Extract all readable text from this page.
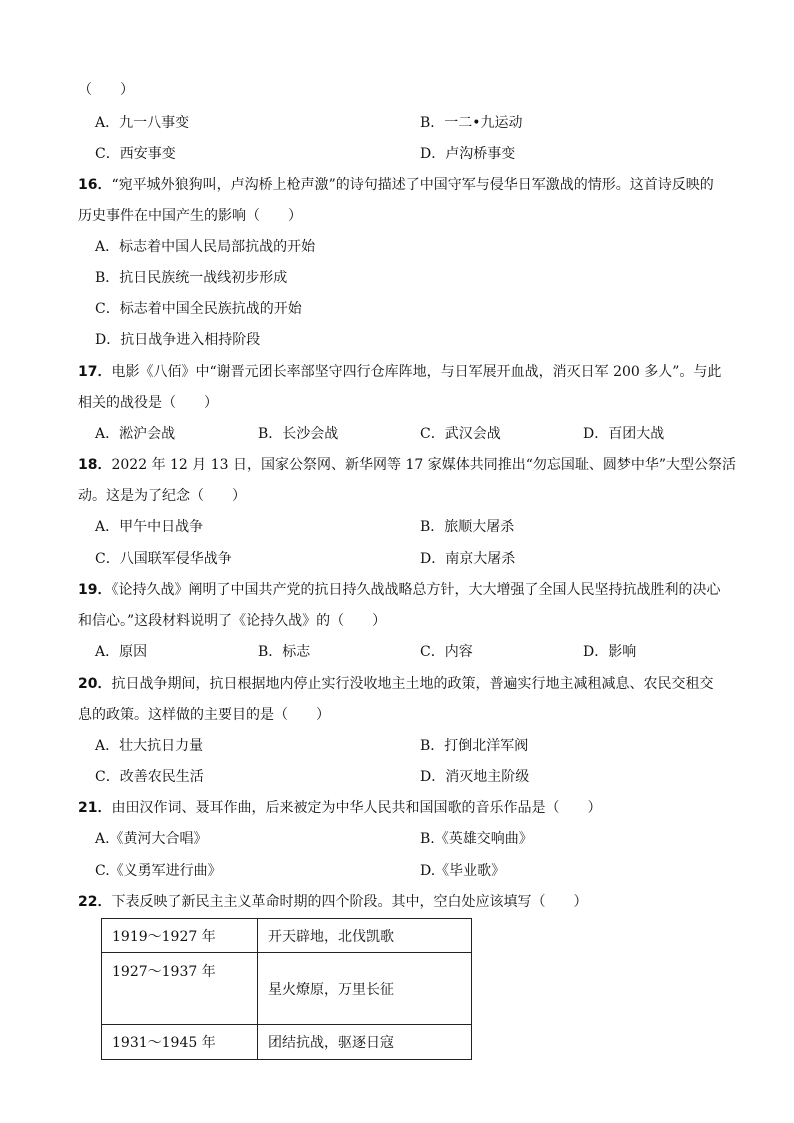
（　　）
A．九一八事变	B．一二•九运动
C．西安事变	D．卢沟桥事变
16．“宛平城外狼狗叫，卢沟桥上枪声激”的诗句描述了中国守军与侵华日军激战的情形。这首诗反映的
历史事件在中国产生的影响（　　）
A．标志着中国人民局部抗战的开始
B．抗日民族统一战线初步形成
C．标志着中国全民族抗战的开始
D．抗日战争进入相持阶段
17．电影《八佰》中“谢晋元团长率部坚守四行仓库阵地，与日军展开血战，消灭日军 200 多人”。与此
相关的战役是（　　）
A．淞沪会战	B．长沙会战	C．武汉会战	D．百团大战
18．2022 年 12 月 13 日，国家公祭网、新华网等 17 家媒体共同推出“勿忘国耻、圆梦中华”大型公祭活
动。这是为了纪念（　　）
A．甲午中日战争	B．旅顺大屠杀
C．八国联军侵华战争	D．南京大屠杀
19．《论持久战》阐明了中国共产党的抗日持久战战略总方针，大大增强了全国人民坚持抗战胜利的决心
和信心。”这段材料说明了《论持久战》的（　　）
A．原因	B．标志	C．内容	D．影响
20．抗日战争期间，抗日根据地内停止实行没收地主土地的政策，普遍实行地主减租减息、农民交租交
息的政策。这样做的主要目的是（　　）
A．壮大抗日力量	B．打倒北洋军阀
C．改善农民生活	D．消灭地主阶级
21．由田汉作词、聂耳作曲，后来被定为中华人民共和国国歌的音乐作品是（　　）
A.《黄河大合唱》	B.《英雄交响曲》
C.《义勇军进行曲》	D.《毕业歌》
22．下表反映了新民主主义革命时期的四个阶段。其中，空白处应该填写（　　）
1919～1927 年	开天辟地，北伐凯歌
1927～1937 年	星火燎原，万里长征
1931～1945 年	团结抗战，驱逐日寇
